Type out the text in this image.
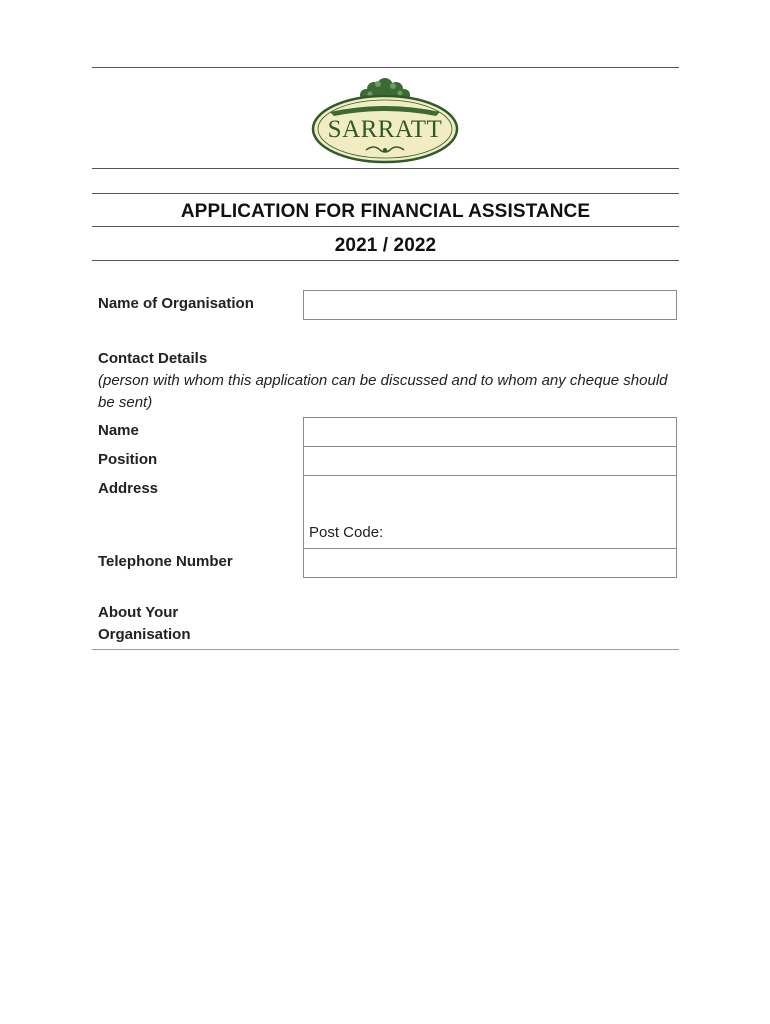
SARRATT
APPLICATION FOR FINANCIAL ASSISTANCE
2021 / 2022
Name of Organisation
Contact Details
(person with whom this application can be discussed and to whom any cheque should be sent)
Name
Position
Address
Post Code:
Telephone Number
About Your
Organisation
